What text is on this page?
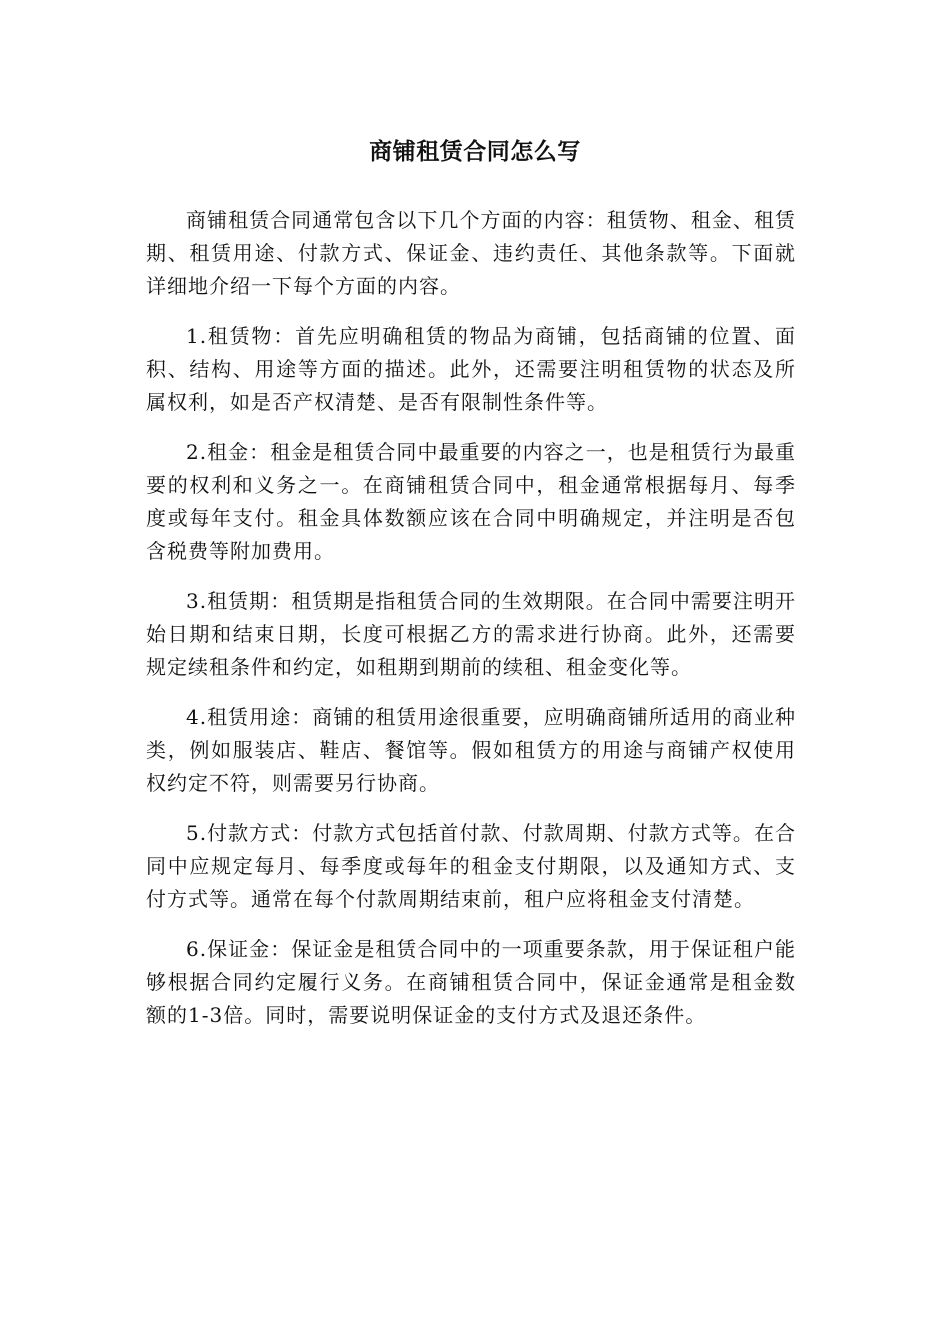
商铺租赁合同怎么写

商铺租赁合同通常包含以下几个方面的内容：租赁物、租金、租赁期、租赁用途、付款方式、保证金、违约责任、其他条款等。下面就详细地介绍一下每个方面的内容。

1.租赁物：首先应明确租赁的物品为商铺，包括商铺的位置、面积、结构、用途等方面的描述。此外，还需要注明租赁物的状态及所属权利，如是否产权清楚、是否有限制性条件等。

2.租金：租金是租赁合同中最重要的内容之一，也是租赁行为最重要的权利和义务之一。在商铺租赁合同中，租金通常根据每月、每季度或每年支付。租金具体数额应该在合同中明确规定，并注明是否包含税费等附加费用。

3.租赁期：租赁期是指租赁合同的生效期限。在合同中需要注明开始日期和结束日期，长度可根据乙方的需求进行协商。此外，还需要规定续租条件和约定，如租期到期前的续租、租金变化等。

4.租赁用途：商铺的租赁用途很重要，应明确商铺所适用的商业种类，例如服装店、鞋店、餐馆等。假如租赁方的用途与商铺产权使用权约定不符，则需要另行协商。

5.付款方式：付款方式包括首付款、付款周期、付款方式等。在合同中应规定每月、每季度或每年的租金支付期限，以及通知方式、支付方式等。通常在每个付款周期结束前，租户应将租金支付清楚。

6.保证金：保证金是租赁合同中的一项重要条款，用于保证租户能够根据合同约定履行义务。在商铺租赁合同中，保证金通常是租金数额的1-3倍。同时，需要说明保证金的支付方式及退还条件。
